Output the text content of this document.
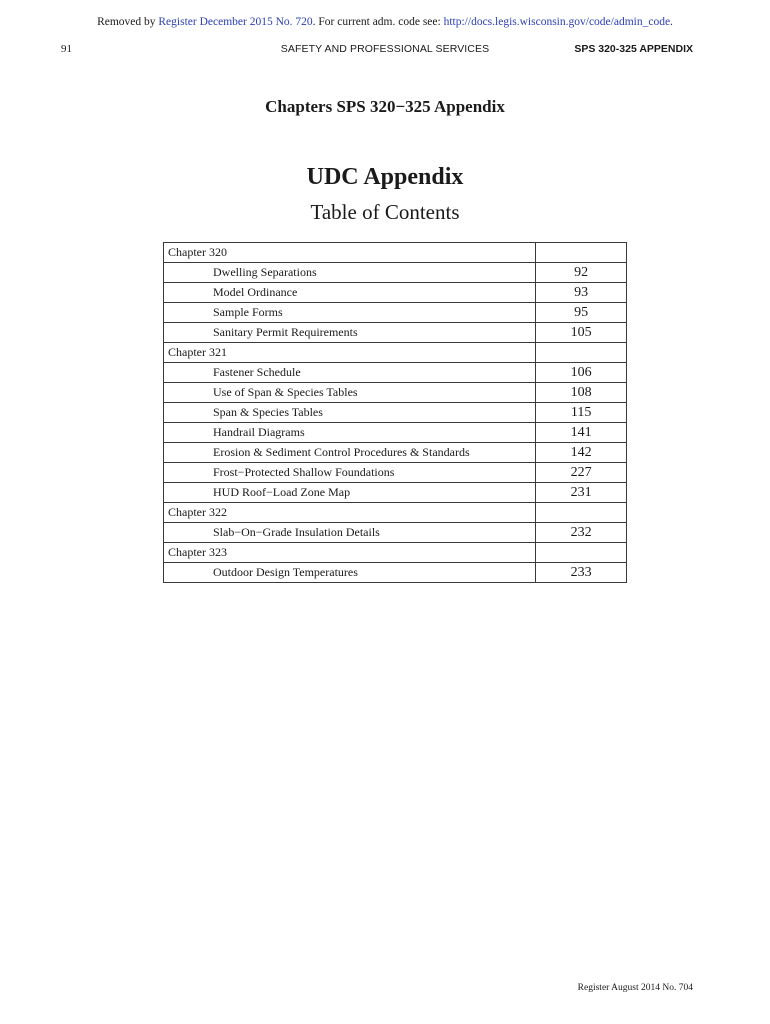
Removed by Register December 2015 No. 720. For current adm. code see: http://docs.legis.wisconsin.gov/code/admin_code.
91	SAFETY AND PROFESSIONAL SERVICES	SPS 320-325 APPENDIX
Chapters SPS 320−325 Appendix
UDC Appendix
Table of Contents
Chapter 320	
Dwelling Separations	92
Model Ordinance	93
Sample Forms	95
Sanitary Permit Requirements	105
Chapter 321	
Fastener Schedule	106
Use of Span & Species Tables	108
Span & Species Tables	115
Handrail Diagrams	141
Erosion & Sediment Control Procedures & Standards	142
Frost−Protected Shallow Foundations	227
HUD Roof−Load Zone Map	231
Chapter 322	
Slab−On−Grade Insulation Details	232
Chapter 323	
Outdoor Design Temperatures	233
Register August 2014 No. 704
